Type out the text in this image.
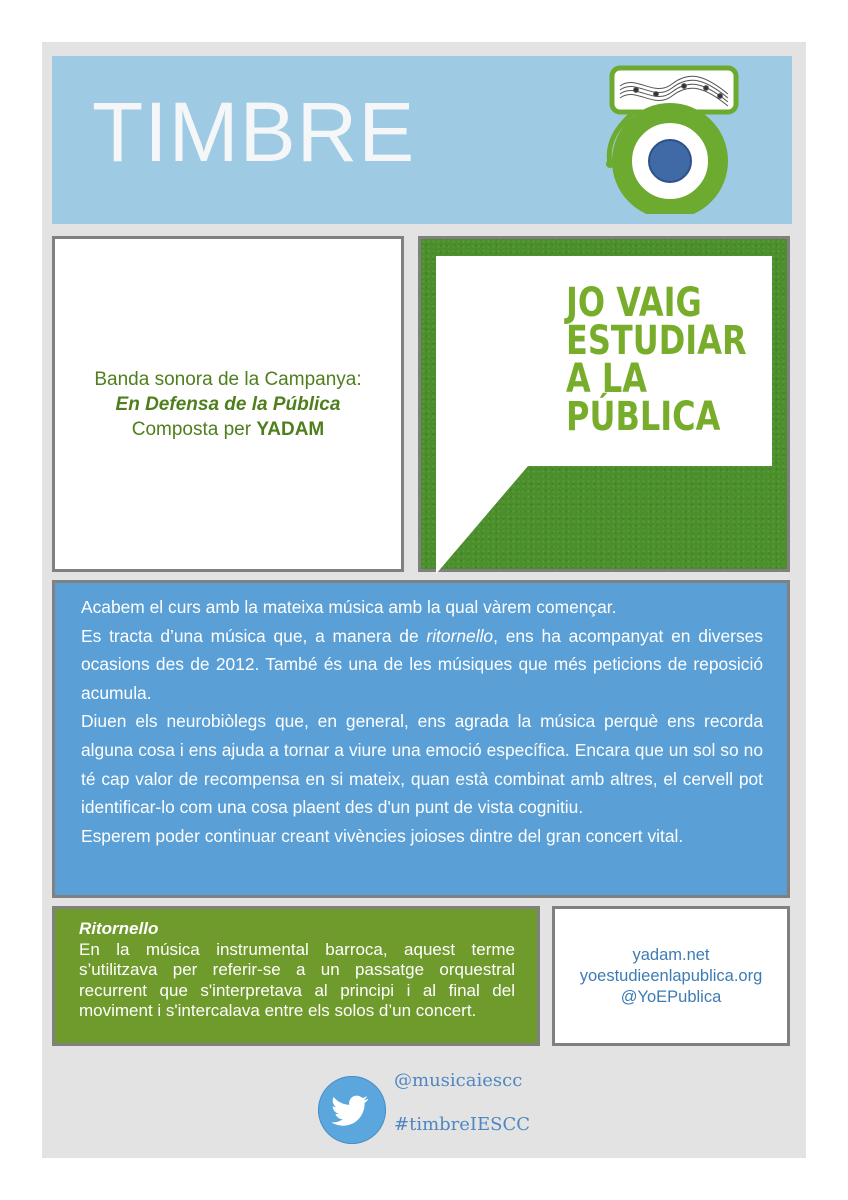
TIMBRE
Banda sonora de la Campanya:
En Defensa de la Pública
Composta per YADAM
JO VAIG
ESTUDIAR
A LA
PÚBLICA

Acabem el curs amb la mateixa música amb la qual vàrem començar.

Es tracta d’una música que, a manera de ritornello, ens ha acompanyat en diverses ocasions des de 2012. També és una de les músiques que més peticions de reposició acumula.

Diuen els neurobiòlegs que, en general, ens agrada la música perquè ens recorda alguna cosa i ens ajuda a tornar a viure una emoció específica. Encara que un sol so no té cap valor de recompensa en si mateix, quan està combinat amb altres, el cervell pot identificar-lo com una cosa plaent des d'un punt de vista cognitiu.

Esperem poder continuar creant vivències joioses dintre del gran concert vital.

Ritornello
En la música instrumental barroca, aquest terme s’utilitzava per referir-se a un passatge orquestral recurrent que s'interpretava al principi i al final del moviment i s'intercalava entre els solos d’un concert.
yadam.net
yoestudieenlapublica.org
@YoEPublica
@musicaiescc
#timbreIESCC
